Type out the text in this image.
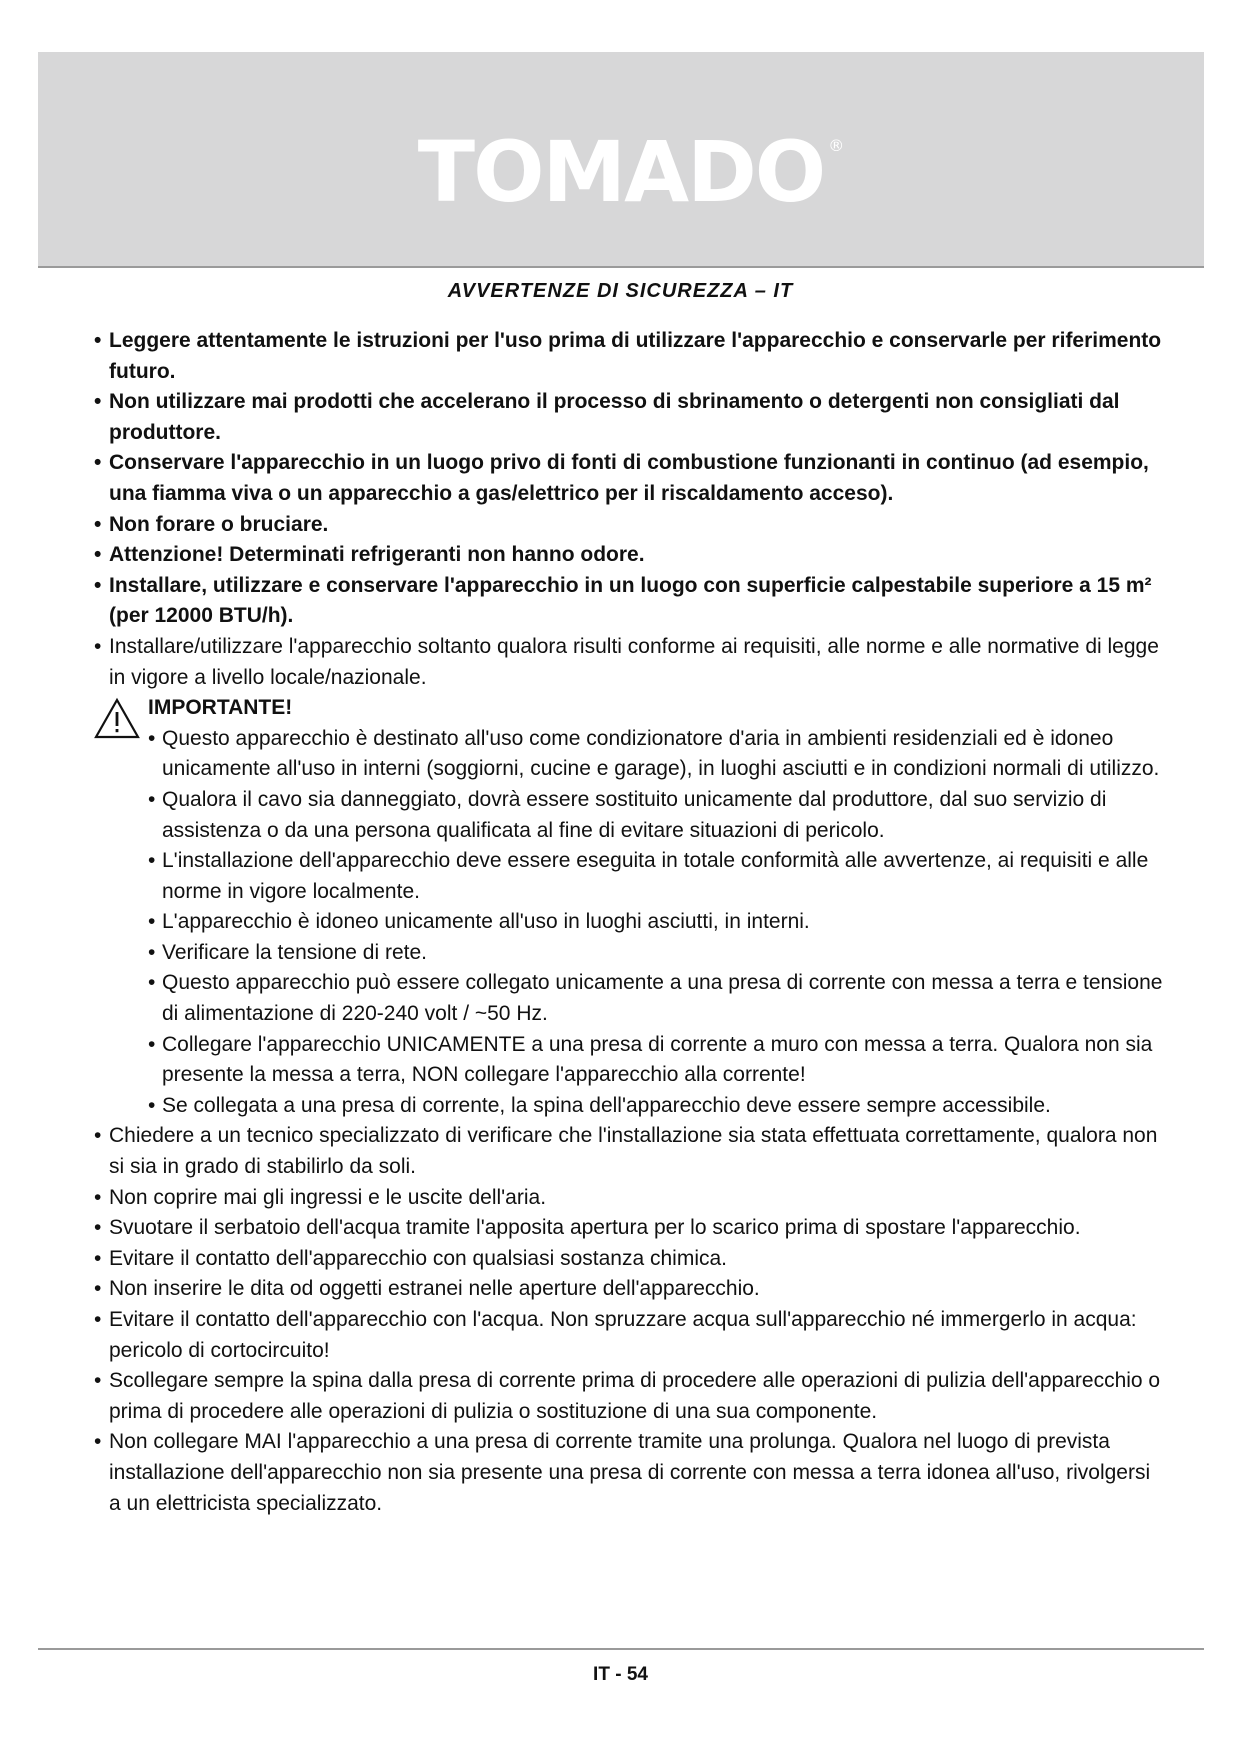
TOMADO ®
AVVERTENZE DI SICUREZZA – IT
• Leggere attentamente le istruzioni per l'uso prima di utilizzare l'apparecchio e conservarle per riferimento futuro.
• Non utilizzare mai prodotti che accelerano il processo di sbrinamento o detergenti non consigliati dal produttore.
• Conservare l'apparecchio in un luogo privo di fonti di combustione funzionanti in continuo (ad esempio, una fiamma viva o un apparecchio a gas/elettrico per il riscaldamento acceso).
• Non forare o bruciare.
• Attenzione! Determinati refrigeranti non hanno odore.
• Installare, utilizzare e conservare l'apparecchio in un luogo con superficie calpestabile superiore a 15 m² (per 12000 BTU/h).
• Installare/utilizzare l'apparecchio soltanto qualora risulti conforme ai requisiti, alle norme e alle normative di legge in vigore a livello locale/nazionale.
IMPORTANTE!
• Questo apparecchio è destinato all'uso come condizionatore d'aria in ambienti residenziali ed è idoneo unicamente all'uso in interni (soggiorni, cucine e garage), in luoghi asciutti e in condizioni normali di utilizzo.
• Qualora il cavo sia danneggiato, dovrà essere sostituito unicamente dal produttore, dal suo servizio di assistenza o da una persona qualificata al fine di evitare situazioni di pericolo.
• L'installazione dell'apparecchio deve essere eseguita in totale conformità alle avvertenze, ai requisiti e alle norme in vigore localmente.
• L'apparecchio è idoneo unicamente all'uso in luoghi asciutti, in interni.
• Verificare la tensione di rete.
• Questo apparecchio può essere collegato unicamente a una presa di corrente con messa a terra e tensione di alimentazione di 220-240 volt / ~50 Hz.
• Collegare l'apparecchio UNICAMENTE a una presa di corrente a muro con messa a terra. Qualora non sia presente la messa a terra, NON collegare l'apparecchio alla corrente!
• Se collegata a una presa di corrente, la spina dell'apparecchio deve essere sempre accessibile.
• Chiedere a un tecnico specializzato di verificare che l'installazione sia stata effettuata correttamente, qualora non si sia in grado di stabilirlo da soli.
• Non coprire mai gli ingressi e le uscite dell'aria.
• Svuotare il serbatoio dell'acqua tramite l'apposita apertura per lo scarico prima di spostare l'apparecchio.
• Evitare il contatto dell'apparecchio con qualsiasi sostanza chimica.
• Non inserire le dita od oggetti estranei nelle aperture dell'apparecchio.
• Evitare il contatto dell'apparecchio con l'acqua. Non spruzzare acqua sull'apparecchio né immergerlo in acqua: pericolo di cortocircuito!
• Scollegare sempre la spina dalla presa di corrente prima di procedere alle operazioni di pulizia dell'apparecchio o prima di procedere alle operazioni di pulizia o sostituzione di una sua componente.
• Non collegare MAI l'apparecchio a una presa di corrente tramite una prolunga. Qualora nel luogo di prevista installazione dell'apparecchio non sia presente una presa di corrente con messa a terra idonea all'uso, rivolgersi a un elettricista specializzato.
IT - 54
